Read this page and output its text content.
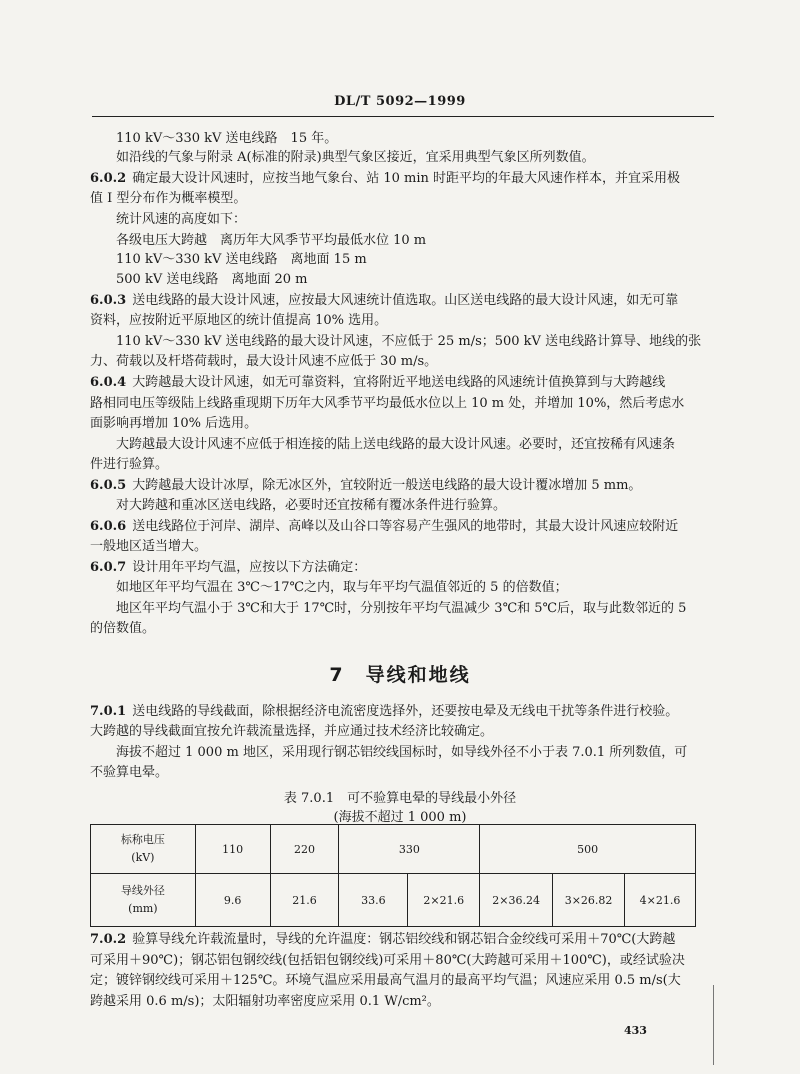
DL/T 5092—1999
110 kV～330 kV 送电线路　15 年。
如沿线的气象与附录 A(标准的附录)典型气象区接近，宜采用典型气象区所列数值。
6.0.2 确定最大设计风速时，应按当地气象台、站 10 min 时距平均的年最大风速作样本，并宜采用极
值 I 型分布作为概率模型。
统计风速的高度如下：
各级电压大跨越　离历年大风季节平均最低水位 10 m
110 kV～330 kV 送电线路　离地面 15 m
500 kV 送电线路　离地面 20 m
6.0.3 送电线路的最大设计风速，应按最大风速统计值选取。山区送电线路的最大设计风速，如无可靠
资料，应按附近平原地区的统计值提高 10% 选用。
110 kV～330 kV 送电线路的最大设计风速，不应低于 25 m/s；500 kV 送电线路计算导、地线的张
力、荷载以及杆塔荷载时，最大设计风速不应低于 30 m/s。
6.0.4 大跨越最大设计风速，如无可靠资料，宜将附近平地送电线路的风速统计值换算到与大跨越线
路相同电压等级陆上线路重现期下历年大风季节平均最低水位以上 10 m 处，并增加 10%，然后考虑水
面影响再增加 10% 后选用。
大跨越最大设计风速不应低于相连接的陆上送电线路的最大设计风速。必要时，还宜按稀有风速条
件进行验算。
6.0.5 大跨越最大设计冰厚，除无冰区外，宜较附近一般送电线路的最大设计覆冰增加 5 mm。
对大跨越和重冰区送电线路，必要时还宜按稀有覆冰条件进行验算。
6.0.6 送电线路位于河岸、湖岸、高峰以及山谷口等容易产生强风的地带时，其最大设计风速应较附近
一般地区适当增大。
6.0.7 设计用年平均气温，应按以下方法确定：
如地区年平均气温在 3℃～17℃之内，取与年平均气温值邻近的 5 的倍数值；
地区年平均气温小于 3℃和大于 17℃时，分别按年平均气温减少 3℃和 5℃后，取与此数邻近的 5
的倍数值。
7　导线和地线
7.0.1 送电线路的导线截面，除根据经济电流密度选择外，还要按电晕及无线电干扰等条件进行校验。
大跨越的导线截面宜按允许载流量选择，并应通过技术经济比较确定。
海拔不超过 1 000 m 地区，采用现行钢芯铝绞线国标时，如导线外径不小于表 7.0.1 所列数值，可
不验算电晕。
表 7.0.1　可不验算电晕的导线最小外径
(海拔不超过 1 000 m)
标称电压
(kV)	110	220	330		500		
导线外径
(mm)	9.6	21.6	33.6	2×21.6	2×36.24	3×26.82	4×21.6
7.0.2 验算导线允许载流量时，导线的允许温度：钢芯铝绞线和钢芯铝合金绞线可采用＋70℃(大跨越
可采用＋90℃)；钢芯铝包钢绞线(包括铝包钢绞线)可采用＋80℃(大跨越可采用＋100℃)，或经试验决
定；镀锌钢绞线可采用＋125℃。环境气温应采用最高气温月的最高平均气温；风速应采用 0.5 m/s(大
跨越采用 0.6 m/s)；太阳辐射功率密度应采用 0.1 W/cm²。
433
